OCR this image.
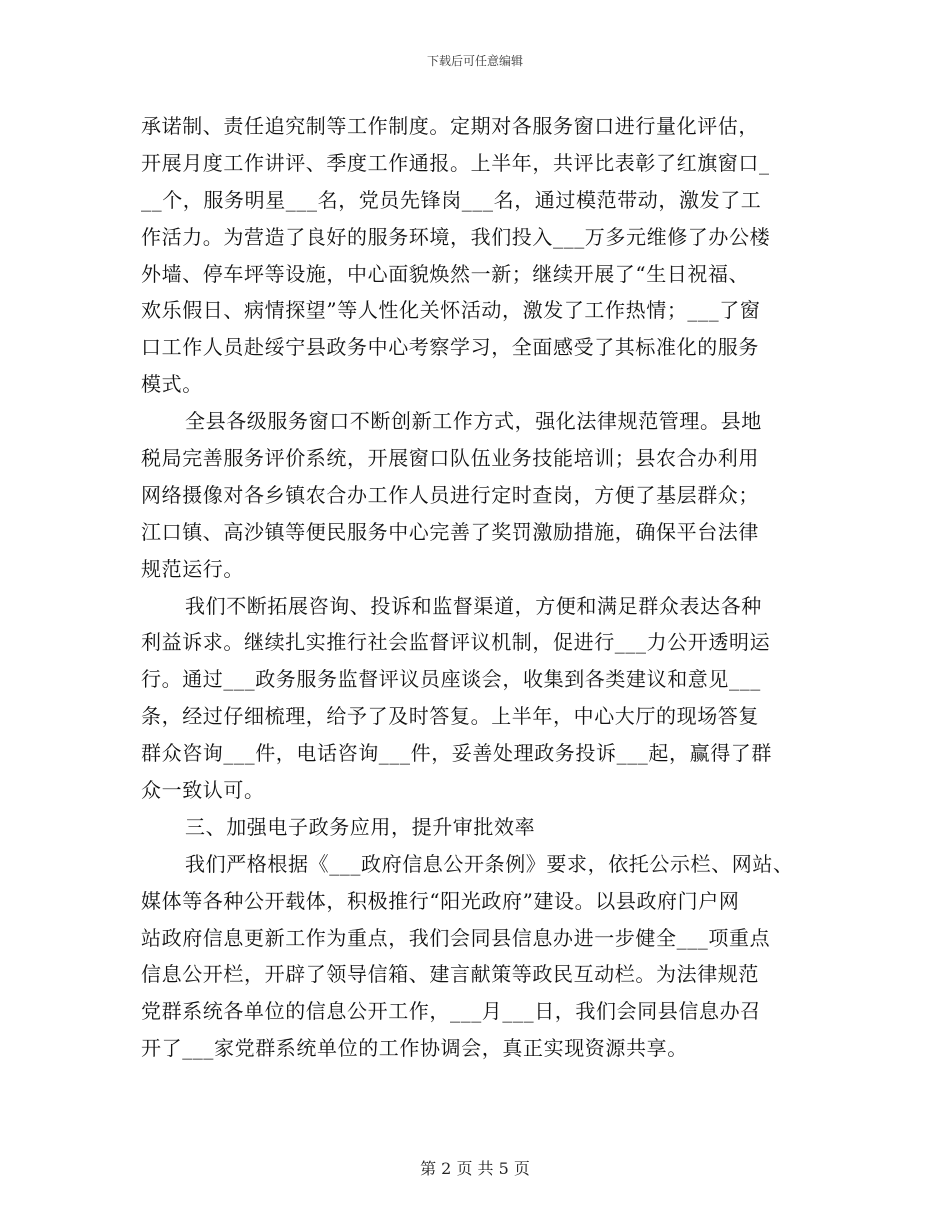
下载后可任意编辑
承诺制、责任追究制等工作制度。定期对各服务窗口进行量化评估，
开展月度工作讲评、季度工作通报。上半年，共评比表彰了红旗窗口_
__个，服务明星___名，党员先锋岗___名，通过模范带动，激发了工
作活力。为营造了良好的服务环境，我们投入___万多元维修了办公楼
外墙、停车坪等设施，中心面貌焕然一新；继续开展了“生日祝福、
欢乐假日、病情探望”等人性化关怀活动，激发了工作热情；___了窗
口工作人员赴绥宁县政务中心考察学习，全面感受了其标准化的服务
模式。
全县各级服务窗口不断创新工作方式，强化法律规范管理。县地
税局完善服务评价系统，开展窗口队伍业务技能培训；县农合办利用
网络摄像对各乡镇农合办工作人员进行定时查岗，方便了基层群众；
江口镇、高沙镇等便民服务中心完善了奖罚激励措施，确保平台法律
规范运行。
我们不断拓展咨询、投诉和监督渠道，方便和满足群众表达各种
利益诉求。继续扎实推行社会监督评议机制，促进行___力公开透明运
行。通过___政务服务监督评议员座谈会，收集到各类建议和意见___
条，经过仔细梳理，给予了及时答复。上半年，中心大厅的现场答复
群众咨询___件，电话咨询___件，妥善处理政务投诉___起，赢得了群
众一致认可。
三、加强电子政务应用，提升审批效率
我们严格根据《___政府信息公开条例》要求，依托公示栏、网站、
媒体等各种公开载体，积极推行“阳光政府”建设。以县政府门户网
站政府信息更新工作为重点，我们会同县信息办进一步健全___项重点
信息公开栏，开辟了领导信箱、建言献策等政民互动栏。为法律规范
党群系统各单位的信息公开工作，___月___日，我们会同县信息办召
开了___家党群系统单位的工作协调会，真正实现资源共享。
第 2 页 共 5 页
